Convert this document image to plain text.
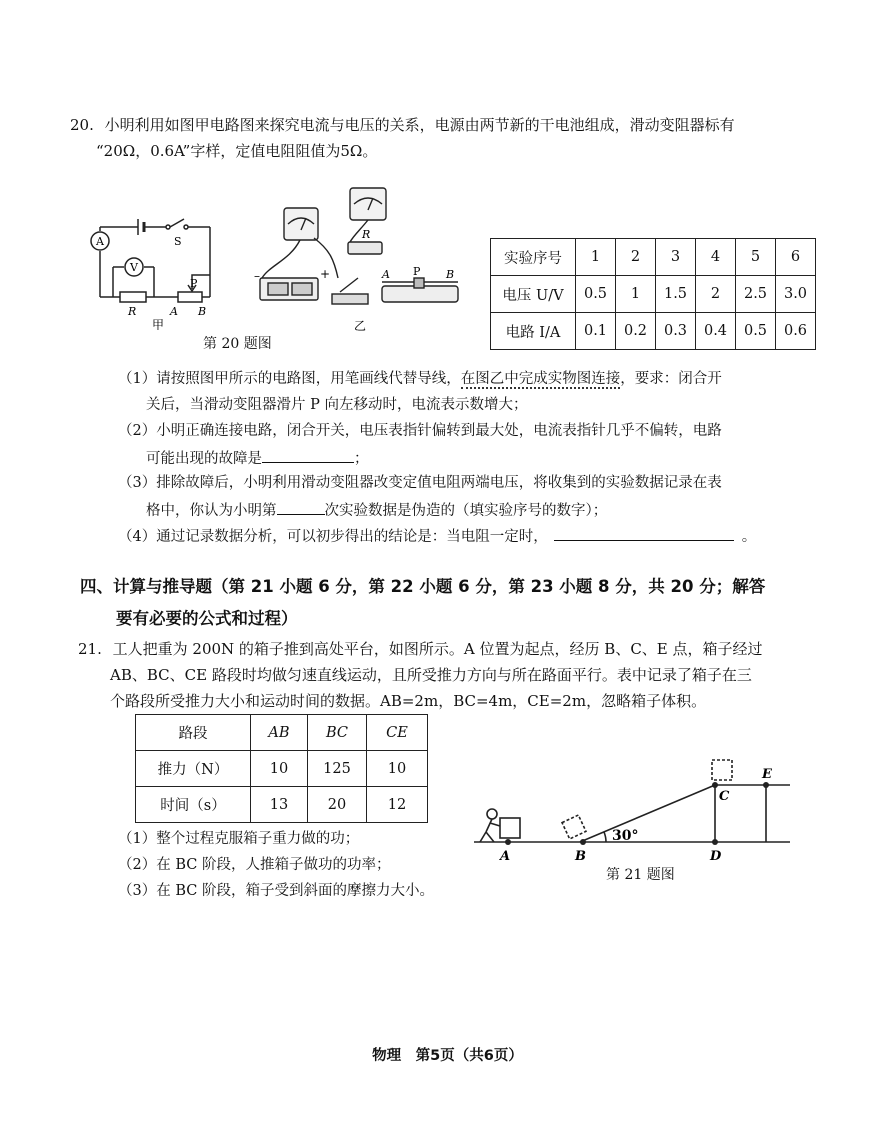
20. 小明利用如图甲电路图来探究电流与电压的关系，电源由两节新的干电池组成，滑动变阻器标有
“20Ω，0.6A”字样，定值电阻阻值为5Ω。
A
V
S
P
R	A B
甲
–	+
R
A P B
乙
第 20 题图
实验序号	1	2	3	4	5	6
电压 U/V	0.5	1	1.5	2	2.5	3.0
电路 I/A	0.1	0.2	0.3	0.4	0.5	0.6
（1）请按照图甲所示的电路图，用笔画线代替导线，在图乙中完成实物图连接，要求：闭合开
关后，当滑动变阻器滑片 P 向左移动时，电流表示数增大；
（2）小明正确连接电路，闭合开关，电压表指针偏转到最大处，电流表指针几乎不偏转，电路
可能出现的故障是	；
（3）排除故障后，小明利用滑动变阻器改变定值电阻两端电压，将收集到的实验数据记录在表
格中，你认为小明第	次实验数据是伪造的（填实验序号的数字）；
（4）通过记录数据分析，可以初步得出的结论是：当电阻一定时，	。
四、计算与推导题（第 21 小题 6 分，第 22 小题 6 分，第 23 小题 8 分，共 20 分；解答
要有必要的公式和过程）
21. 工人把重为 200N 的箱子推到高处平台，如图所示。A 位置为起点，经历 B、C、E 点，箱子经过
AB、BC、CE 路段时均做匀速直线运动，且所受推力方向与所在路面平行。表中记录了箱子在三
个路段所受推力大小和运动时间的数据。AB=2m，BC=4m，CE=2m，忽略箱子体积。
路段	AB	BC	CE
推力（N）	10	125	10
时间（s）	13	20	12
（1）整个过程克服箱子重力做的功；
（2）在 BC 阶段，人推箱子做功的功率；
（3）在 BC 阶段，箱子受到斜面的摩擦力大小。
A	B
C
D
E
30°
第 21 题图
物理　第5页（共6页）
